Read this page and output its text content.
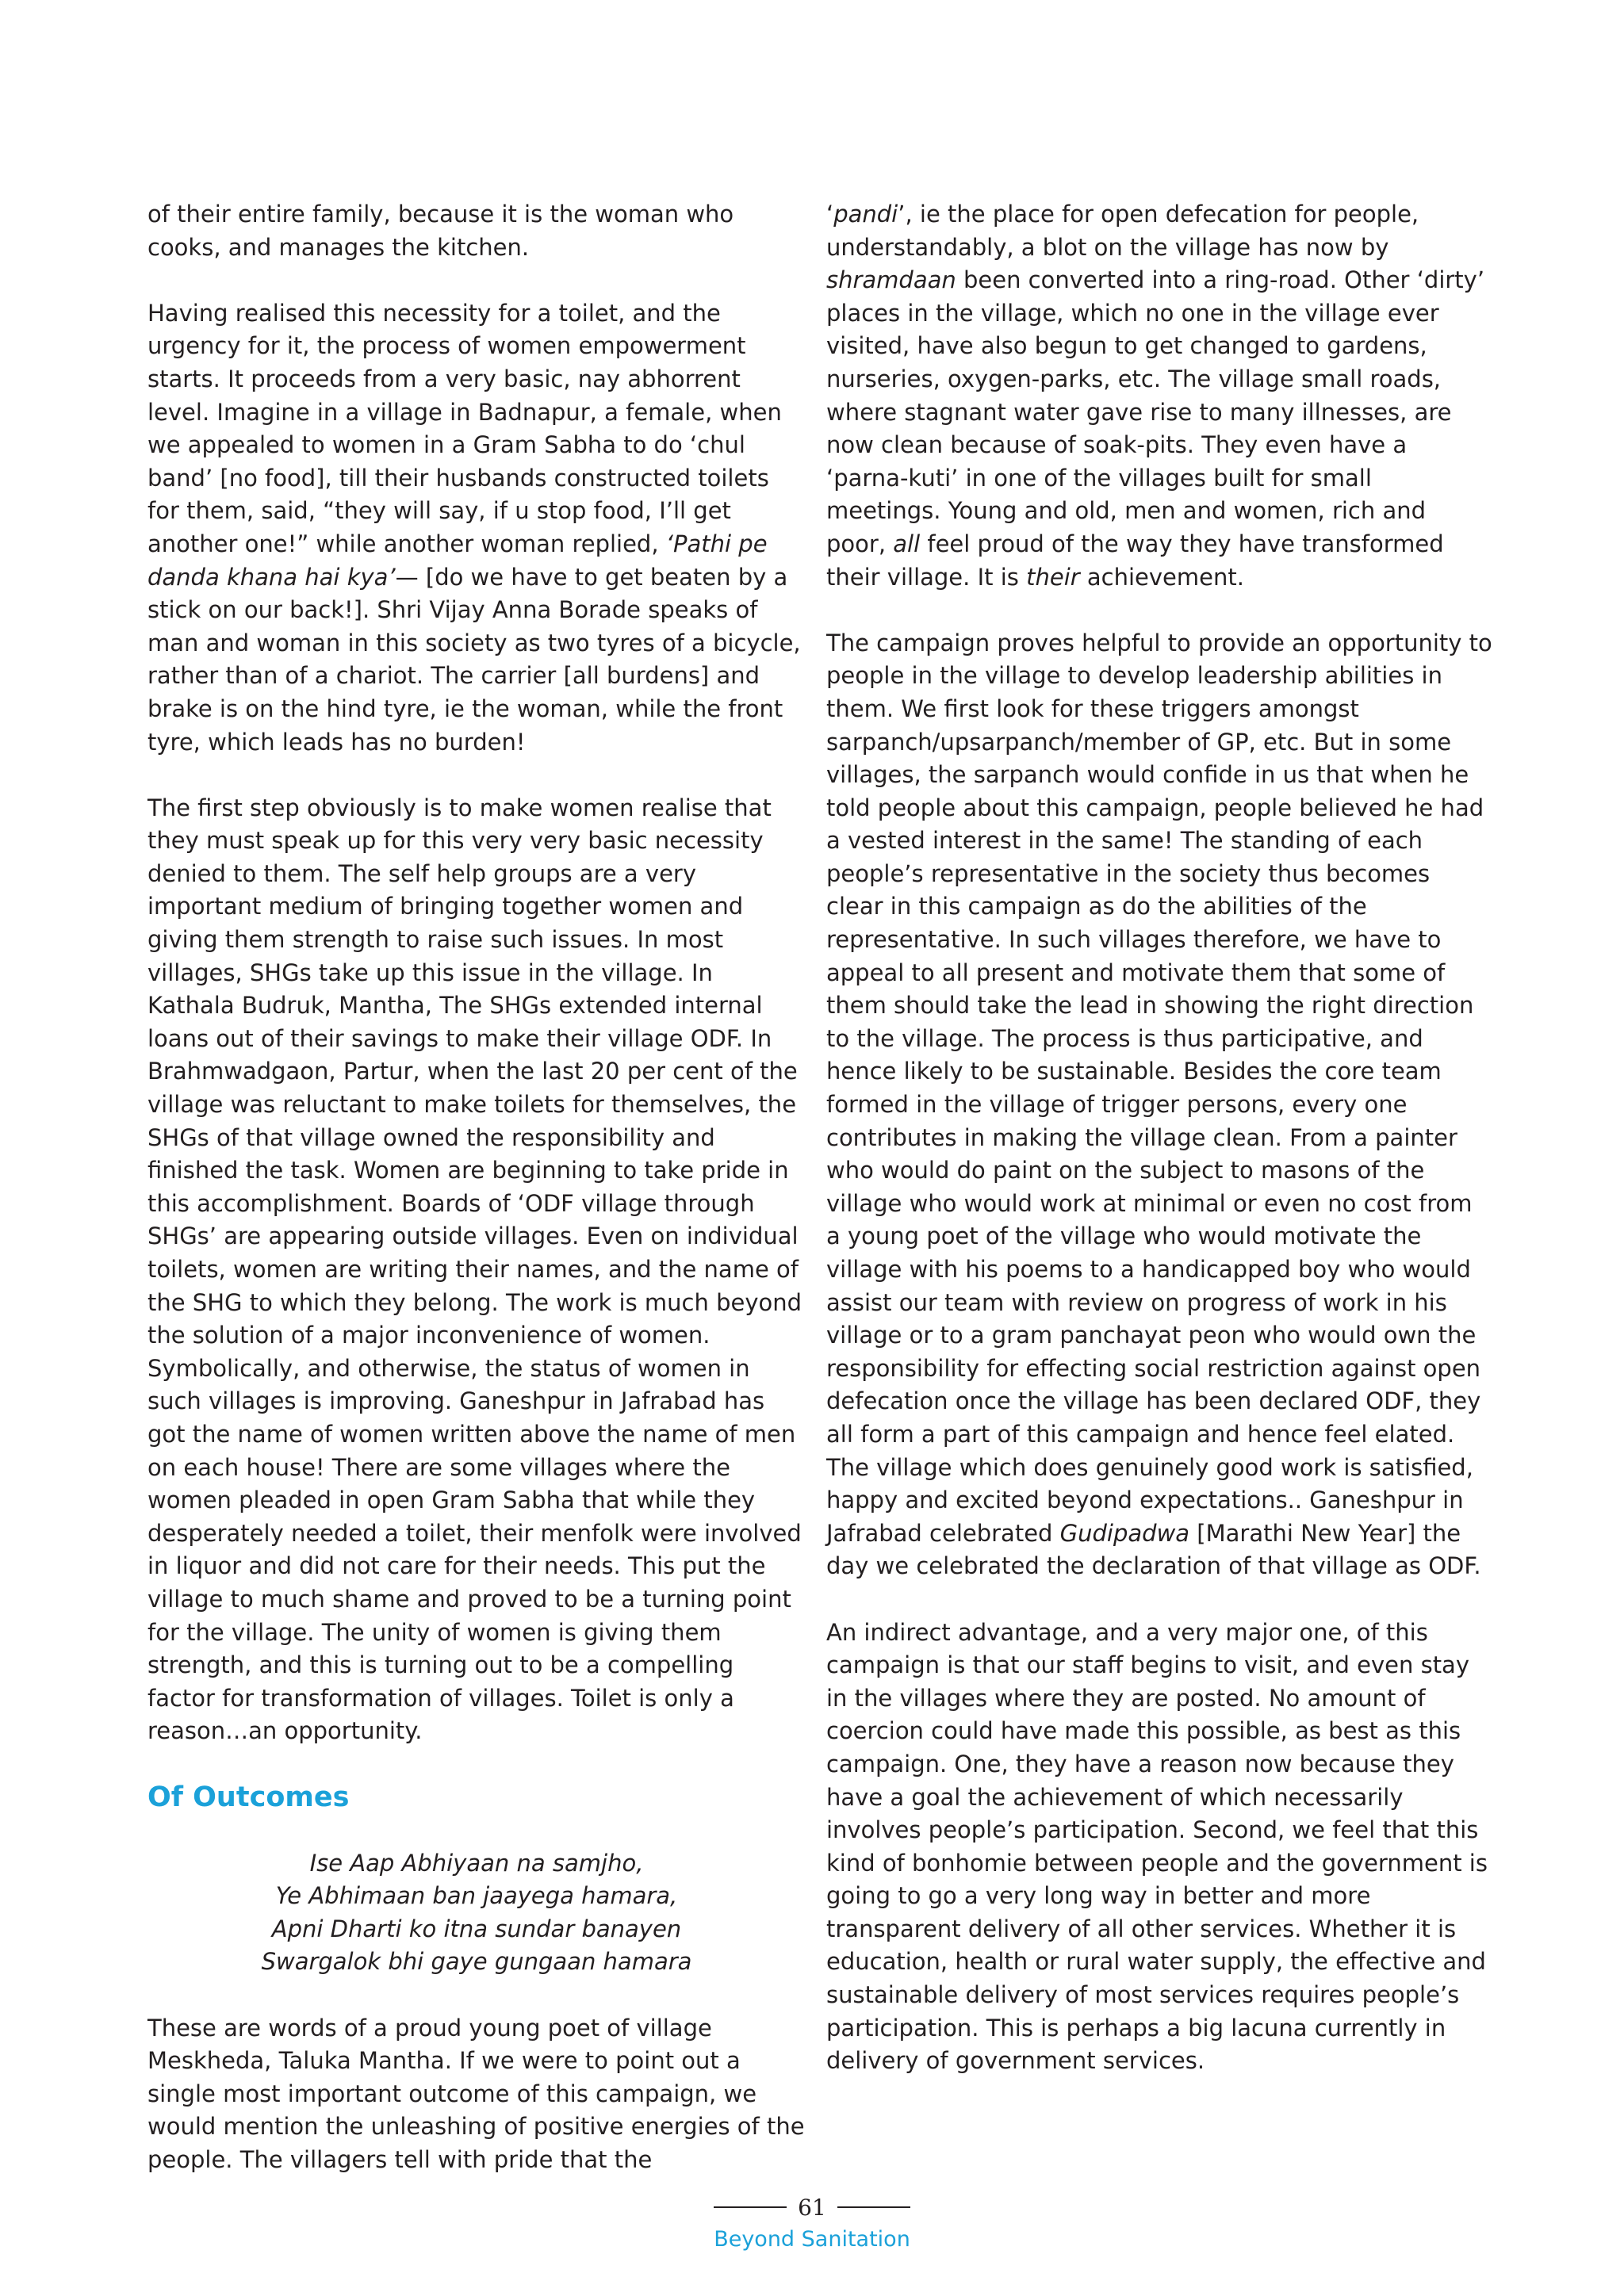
of their entire family, because it is the woman who cooks, and manages the kitchen.

Having realised this necessity for a toilet, and the urgency for it, the process of women empowerment starts. It proceeds from a very basic, nay abhorrent level. Imagine in a village in Badnapur, a female, when we appealed to women in a Gram Sabha to do ‘chul band’ [no food], till their husbands constructed toilets for them, said, “they will say, if u stop food, I’ll get another one!” while another woman replied, ‘Pathi pe danda khana hai kya’— [do we have to get beaten by a stick on our back!]. Shri Vijay Anna Borade speaks of man and woman in this society as two tyres of a bicycle, rather than of a chariot. The carrier [all burdens] and brake is on the hind tyre, ie the woman, while the front tyre, which leads has no burden!

The first step obviously is to make women realise that they must speak up for this very very basic necessity denied to them. The self help groups are a very important medium of bringing together women and giving them strength to raise such issues. In most villages, SHGs take up this issue in the village. In Kathala Budruk, Mantha, The SHGs extended internal loans out of their savings to make their village ODF. In Brahmwadgaon, Partur, when the last 20 per cent of the village was reluctant to make toilets for themselves, the SHGs of that village owned the responsibility and finished the task. Women are beginning to take pride in this accomplishment. Boards of ‘ODF village through SHGs’ are appearing outside villages. Even on individual toilets, women are writing their names, and the name of the SHG to which they belong. The work is much beyond the solution of a major inconvenience of women. Symbolically, and otherwise, the status of women in such villages is improving. Ganeshpur in Jafrabad has got the name of women written above the name of men on each house! There are some villages where the women pleaded in open Gram Sabha that while they desperately needed a toilet, their menfolk were involved in liquor and did not care for their needs. This put the village to much shame and proved to be a turning point for the village. The unity of women is giving them strength, and this is turning out to be a compelling factor for transformation of villages. Toilet is only a reason…an opportunity.

Of Outcomes
Ise Aap Abhiyaan na samjho,
Ye Abhimaan ban jaayega hamara,
Apni Dharti ko itna sundar banayen
Swargalok bhi gaye gungaan hamara

These are words of a proud young poet of village Meskheda, Taluka Mantha. If we were to point out a single most important outcome of this campaign, we would mention the unleashing of positive energies of the people. The villagers tell with pride that the

‘pandi’, ie the place for open defecation for people, understandably, a blot on the village has now by shramdaan been converted into a ring-road. Other ‘dirty’ places in the village, which no one in the village ever visited, have also begun to get changed to gardens, nurseries, oxygen-parks, etc. The village small roads, where stagnant water gave rise to many illnesses, are now clean because of soak-pits. They even have a ‘parna-kuti’ in one of the villages built for small meetings. Young and old, men and women, rich and poor, all feel proud of the way they have transformed their village. It is their achievement.

The campaign proves helpful to provide an opportunity to people in the village to develop leadership abilities in them. We first look for these triggers amongst sarpanch/upsarpanch/member of GP, etc. But in some villages, the sarpanch would confide in us that when he told people about this campaign, people believed he had a vested interest in the same! The standing of each people’s representative in the society thus becomes clear in this campaign as do the abilities of the representative. In such villages therefore, we have to appeal to all present and motivate them that some of them should take the lead in showing the right direction to the village. The process is thus participative, and hence likely to be sustainable. Besides the core team formed in the village of trigger persons, every one contributes in making the village clean. From a painter who would do paint on the subject to masons of the village who would work at minimal or even no cost from a young poet of the village who would motivate the village with his poems to a handicapped boy who would assist our team with review on progress of work in his village or to a gram panchayat peon who would own the responsibility for effecting social restriction against open defecation once the village has been declared ODF, they all form a part of this campaign and hence feel elated. The village which does genuinely good work is satisfied, happy and excited beyond expectations.. Ganeshpur in Jafrabad celebrated Gudipadwa [Marathi New Year] the day we celebrated the declaration of that village as ODF.

An indirect advantage, and a very major one, of this campaign is that our staff begins to visit, and even stay in the villages where they are posted. No amount of coercion could have made this possible, as best as this campaign. One, they have a reason now because they have a goal the achievement of which necessarily involves people’s participation. Second, we feel that this kind of bonhomie between people and the government is going to go a very long way in better and more transparent delivery of all other services. Whether it is education, health or rural water supply, the effective and sustainable delivery of most services requires people’s participation. This is perhaps a big lacuna currently in delivery of government services.

61
Beyond Sanitation
